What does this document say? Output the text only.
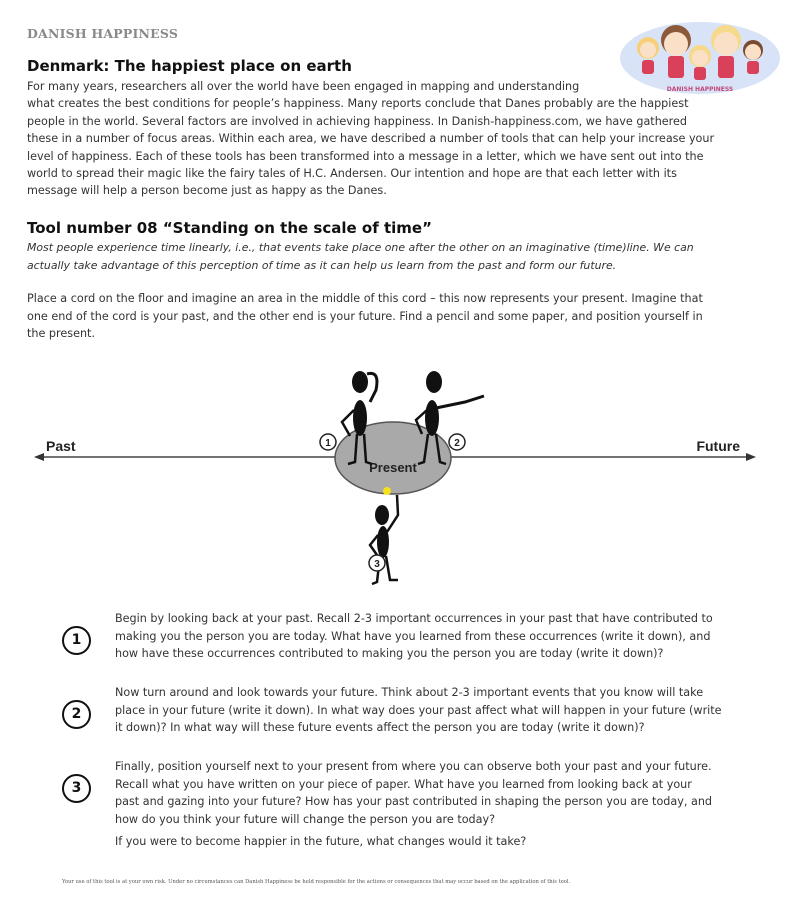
DANISH HAPPINESS
DANISH HAPPINESS
Denmark: The happiest place on earth

For many years, researchers all over the world have been engaged in mapping and understanding

what creates the best conditions for people’s happiness. Many reports conclude that Danes probably are the happiest

people in the world. Several factors are involved in achieving happiness. In Danish-happiness.com, we have gathered

these in a number of focus areas. Within each area, we have described a number of tools that can help your increase your

level of happiness. Each of these tools has been transformed into a message in a letter, which we have sent out into the

world to spread their magic like the fairy tales of H.C. Andersen. Our intention and hope are that each letter with its

message will help a person become just as happy as the Danes.

Tool number 08 “Standing on the scale of time”

Most people experience time linearly, i.e., that events take place one after the other on an imaginative (time)line. We can

actually take advantage of this perception of time as it can help us learn from the past and form our future.

Place a cord on the floor and imagine an area in the middle of this cord – this now represents your present. Imagine that

one end of the cord is your past, and the other end is your future. Find a pencil and some paper, and position yourself in

the present.

Past	Future
Present
1	2
3
1

Begin by looking back at your past. Recall 2-3 important occurrences in your past that have contributed to

making you the person you are today. What have you learned from these occurrences (write it down), and

how have these occurrences contributed to making you the person you are today (write it down)?

2

Now turn around and look towards your future. Think about 2-3 important events that you know will take

place in your future (write it down). In what way does your past affect what will happen in your future (write

it down)? In what way will these future events affect the person you are today (write it down)?

3

Finally, position yourself next to your present from where you can observe both your past and your future.

Recall what you have written on your piece of paper. What have you learned from looking back at your

past and gazing into your future? How has your past contributed in shaping the person you are today, and

how do you think your future will change the person you are today?

If you were to become happier in the future, what changes would it take?
Your use of this tool is at your own risk. Under no circumstances can Danish Happiness be held responsible for the actions or consequences that may occur based on the application of this tool.
